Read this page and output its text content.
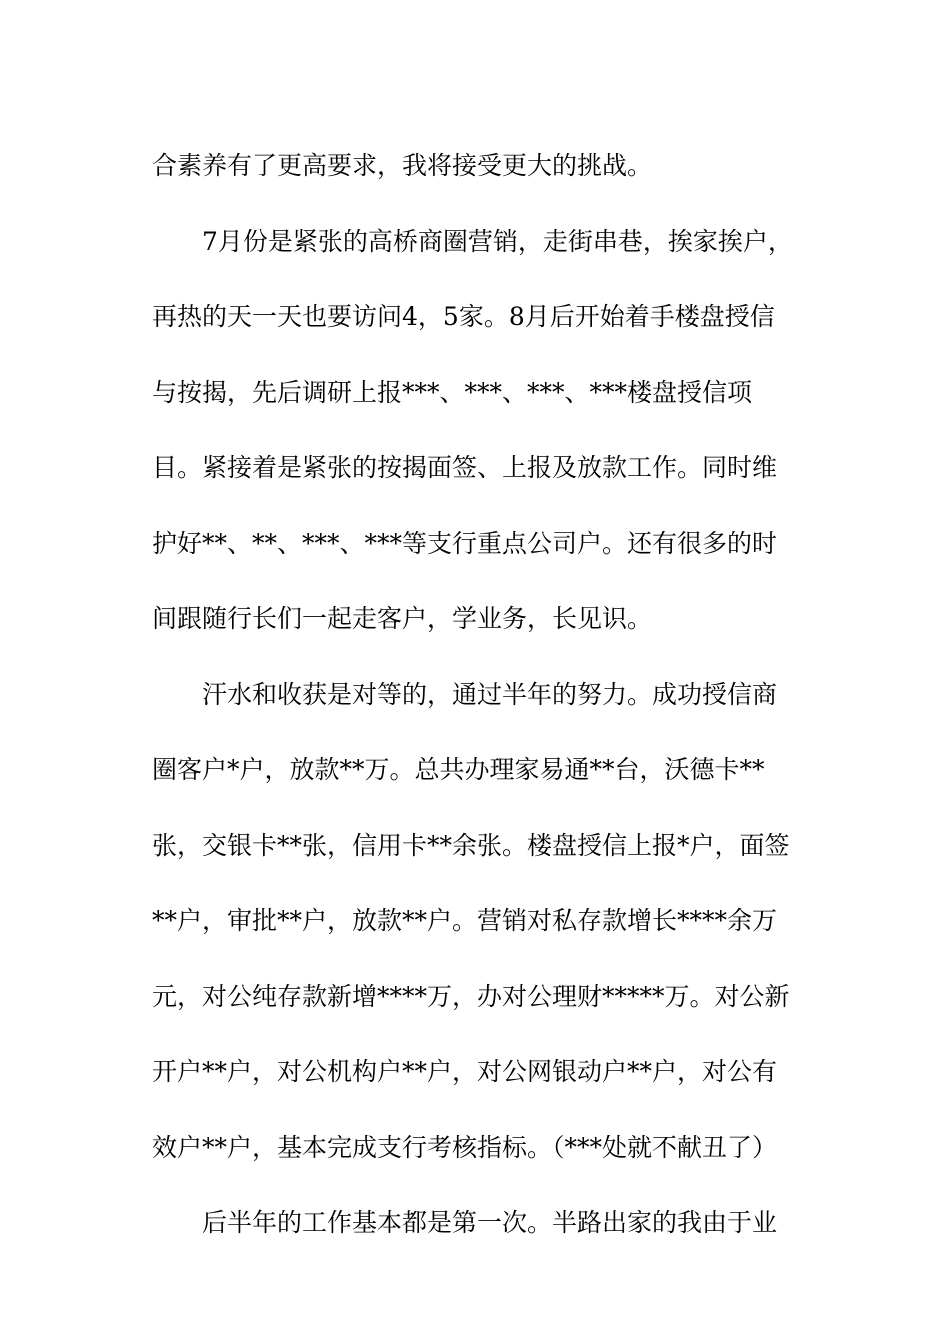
合素养有了更高要求，我将接受更大的挑战。
7月份是紧张的高桥商圈营销，走街串巷，挨家挨户，
再热的天一天也要访问4，5家。8月后开始着手楼盘授信
与按揭，先后调研上报***、***、***、***楼盘授信项
目。紧接着是紧张的按揭面签、上报及放款工作。同时维
护好**、**、***、***等支行重点公司户。还有很多的时
间跟随行长们一起走客户，学业务，长见识。
汗水和收获是对等的，通过半年的努力。成功授信商
圈客户*户，放款**万。总共办理家易通**台，沃德卡**
张，交银卡**张，信用卡**余张。楼盘授信上报*户，面签
**户，审批**户，放款**户。营销对私存款增长****余万
元，对公纯存款新增****万，办对公理财*****万。对公新
开户**户，对公机构户**户，对公网银动户**户，对公有
效户**户，基本完成支行考核指标。（***处就不献丑了）
后半年的工作基本都是第一次。半路出家的我由于业
